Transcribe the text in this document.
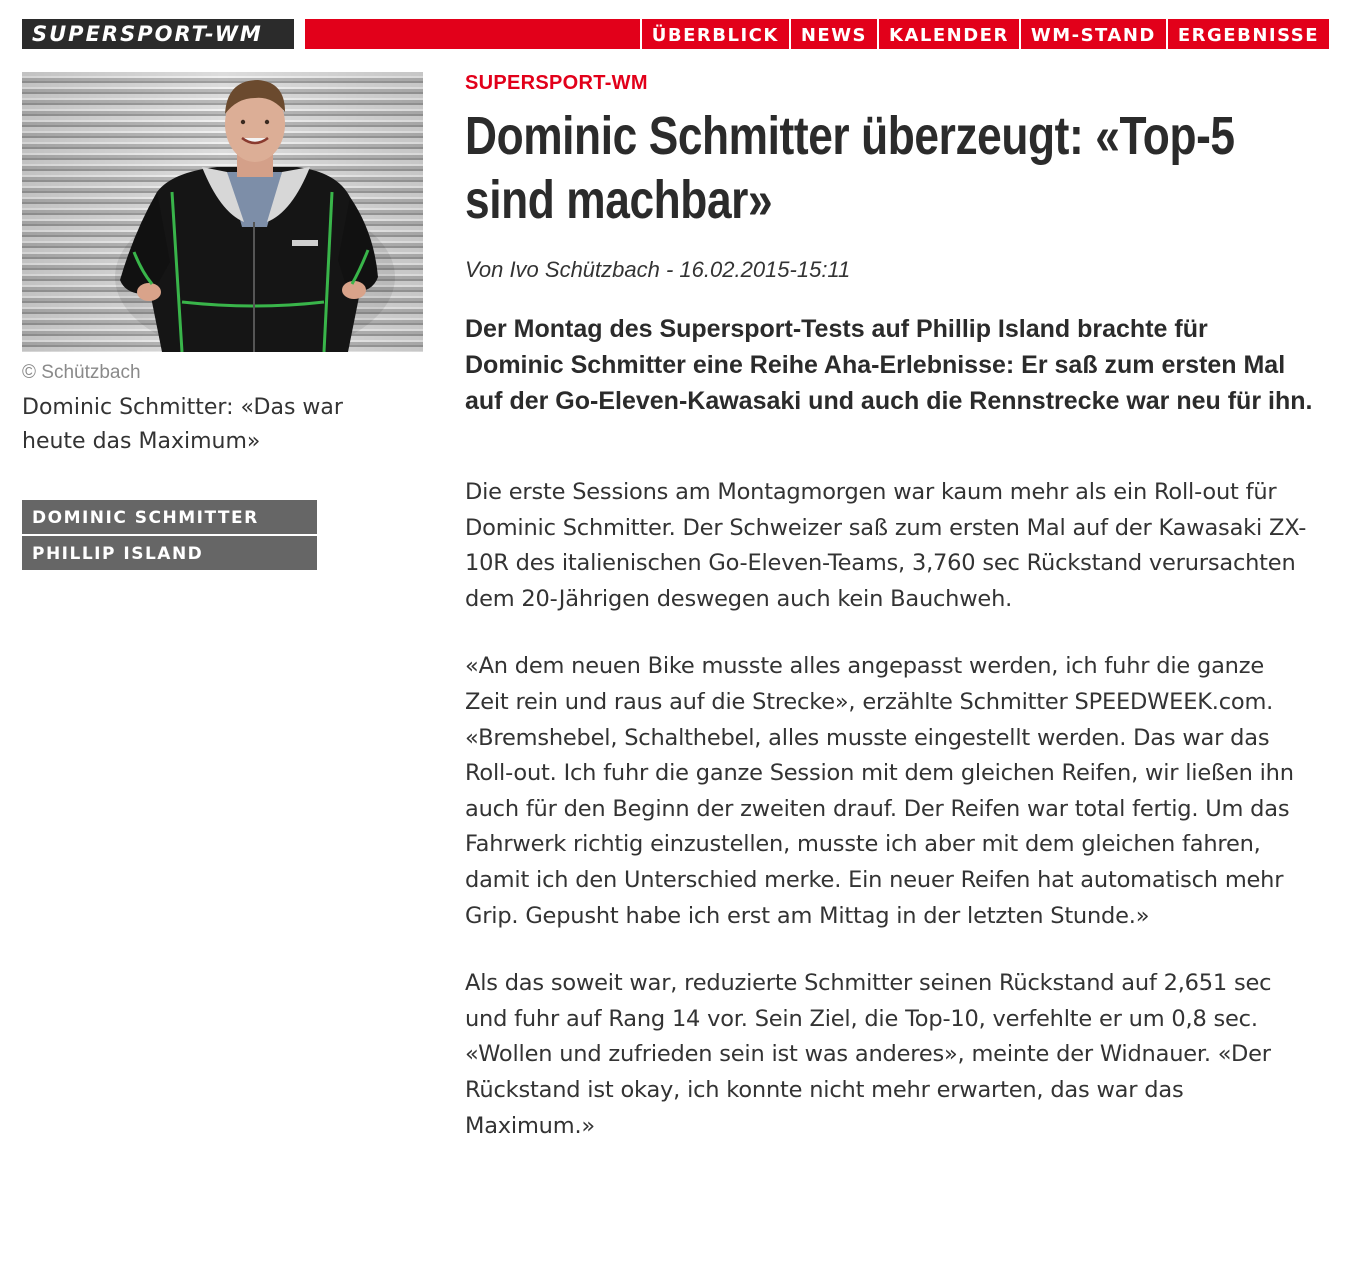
SUPERSPORT-WM	ÜBERBLICK	NEWS	KALENDER	WM-STAND	ERGEBNISSE
© Schützbach
Dominic Schmitter: «Das war heute das Maximum»
DOMINIC SCHMITTER
PHILLIP ISLAND
SUPERSPORT-WM
Dominic Schmitter überzeugt: «Top-5 sind machbar»
Von Ivo Schützbach - 16.02.2015-15:11

Der Montag des Supersport-Tests auf Phillip Island brachte für Dominic Schmitter eine Reihe Aha-Erlebnisse: Er saß zum ersten Mal auf der Go-Eleven-Kawasaki und auch die Rennstrecke war neu für ihn.

Die erste Sessions am Montagmorgen war kaum mehr als ein Roll-out für Dominic Schmitter. Der Schweizer saß zum ersten Mal auf der Kawasaki ZX-10R des italienischen Go-Eleven-Teams, 3,760 sec Rückstand verursachten dem 20-Jährigen deswegen auch kein Bauchweh.

«An dem neuen Bike musste alles angepasst werden, ich fuhr die ganze Zeit rein und raus auf die Strecke», erzählte Schmitter SPEEDWEEK.com. «Bremshebel, Schalthebel, alles musste eingestellt werden. Das war das Roll-out. Ich fuhr die ganze Session mit dem gleichen Reifen, wir ließen ihn auch für den Beginn der zweiten drauf. Der Reifen war total fertig. Um das Fahrwerk richtig einzustellen, musste ich aber mit dem gleichen fahren, damit ich den Unterschied merke. Ein neuer Reifen hat automatisch mehr Grip. Gepusht habe ich erst am Mittag in der letzten Stunde.»

Als das soweit war, reduzierte Schmitter seinen Rückstand auf 2,651 sec und fuhr auf Rang 14 vor. Sein Ziel, die Top-10, verfehlte er um 0,8 sec. «Wollen und zufrieden sein ist was anderes», meinte der Widnauer. «Der Rückstand ist okay, ich konnte nicht mehr erwarten, das war das Maximum.»
